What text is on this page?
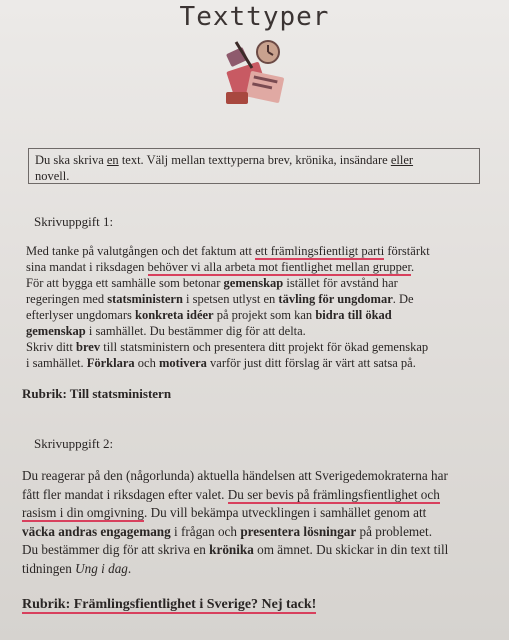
Texttyper
Du ska skriva en text. Välj mellan texttyperna brev, krönika, insändare eller
novell.
Skrivuppgift 1:
Med tanke på valutgången och det faktum att ett främlingsfientligt parti förstärkt
sina mandat i riksdagen behöver vi alla arbeta mot fientlighet mellan grupper.
För att bygga ett samhälle som betonar gemenskap istället för avstånd har
regeringen med statsministern i spetsen utlyst en tävling för ungdomar. De
efterlyser ungdomars konkreta idéer på projekt som kan bidra till ökad
gemenskap i samhället. Du bestämmer dig för att delta.
Skriv ditt brev till statsministern och presentera ditt projekt för ökad gemenskap
i samhället. Förklara och motivera varför just ditt förslag är värt att satsa på.
Rubrik: Till statsministern
Skrivuppgift 2:
Du reagerar på den (någorlunda) aktuella händelsen att Sverigedemokraterna har
fått fler mandat i riksdagen efter valet. Du ser bevis på främlingsfientlighet och
rasism i din omgivning. Du vill bekämpa utvecklingen i samhället genom att
väcka andras engagemang i frågan och presentera lösningar på problemet.
Du bestämmer dig för att skriva en krönika om ämnet. Du skickar in din text till
tidningen Ung i dag.
Rubrik: Främlingsfientlighet i Sverige? Nej tack!
